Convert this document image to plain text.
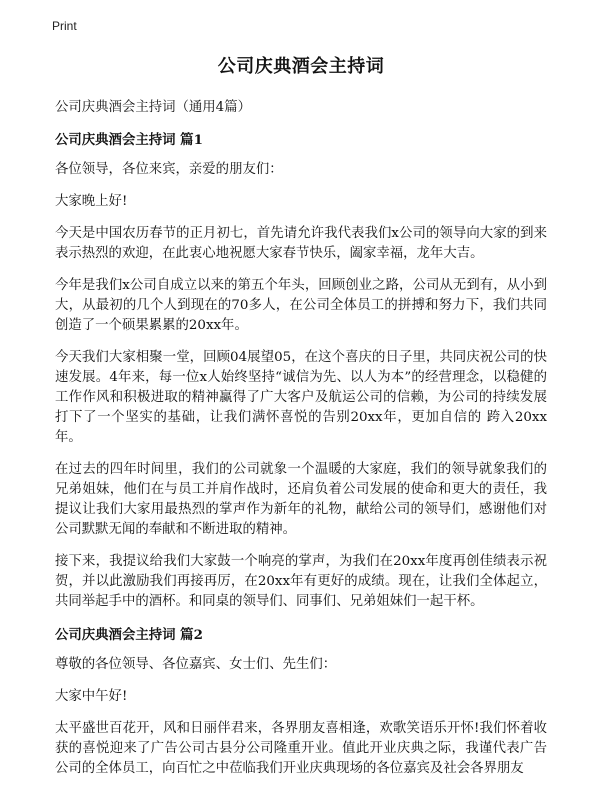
Print
公司庆典酒会主持词
公司庆典酒会主持词（通用4篇）
公司庆典酒会主持词 篇1

各位领导，各位来宾，亲爱的朋友们：

大家晚上好!

今天是中国农历春节的正月初七，首先请允许我代表我们x公司的领导向大家的到来表示热烈的欢迎，在此衷心地祝愿大家春节快乐，阖家幸福，龙年大吉。

今年是我们x公司自成立以来的第五个年头，回顾创业之路，公司从无到有，从小到大，从最初的几个人到现在的70多人，在公司全体员工的拼搏和努力下，我们共同创造了一个硕果累累的20xx年。

今天我们大家相聚一堂，回顾04展望05，在这个喜庆的日子里，共同庆祝公司的快速发展。4年来，每一位x人始终坚持“诚信为先、以人为本”的经营理念，以稳健的工作作风和积极进取的精神赢得了广大客户及航运公司的信赖，为公司的持续发展打下了一个坚实的基础，让我们满怀喜悦的告别20xx年，更加自信的 跨入20xx年。

在过去的四年时间里，我们的公司就象一个温暖的大家庭，我们的领导就象我们的兄弟姐妹，他们在与员工并肩作战时，还肩负着公司发展的使命和更大的责任，我提议让我们大家用最热烈的掌声作为新年的礼物，献给公司的领导们，感谢他们对公司默默无闻的奉献和不断进取的精神。

接下来，我提议给我们大家鼓一个响亮的掌声，为我们在20xx年度再创佳绩表示祝贺，并以此激励我们再接再厉，在20xx年有更好的成绩。现在，让我们全体起立，共同举起手中的酒杯。和同桌的领导们、同事们、兄弟姐妹们一起干杯。

公司庆典酒会主持词 篇2

尊敬的各位领导、各位嘉宾、女士们、先生们：

大家中午好!

太平盛世百花开，风和日丽伴君来，各界朋友喜相逢，欢歌笑语乐开怀!我们怀着收获的喜悦迎来了广告公司古县分公司隆重开业。值此开业庆典之际，我谨代表广告公司的全体员工，向百忙之中莅临我们开业庆典现场的各位嘉宾及社会各界朋友
